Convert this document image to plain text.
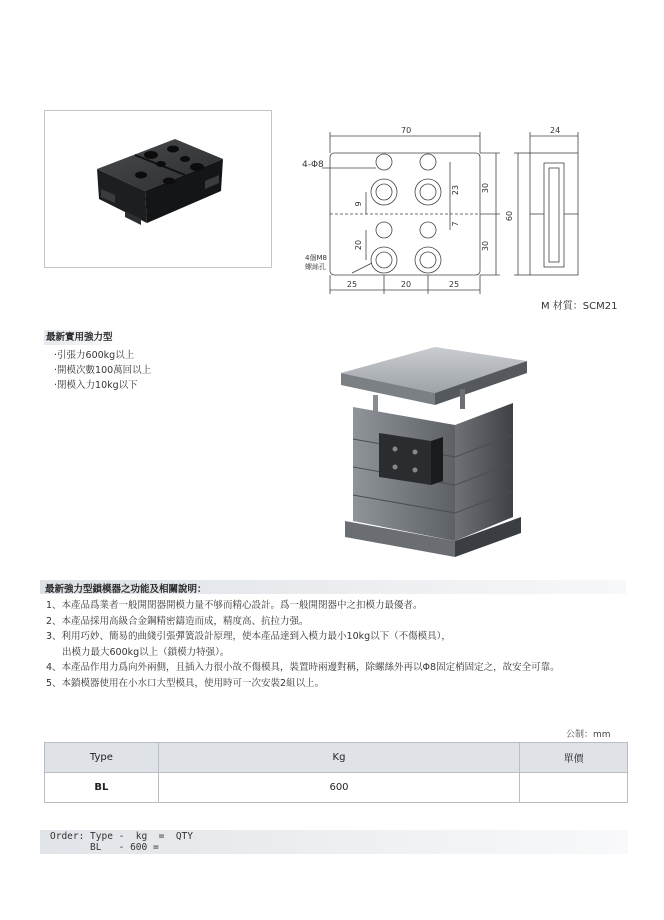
70	24
4-Φ8
4個M8
螺絲孔
30
30
60
23
9
7
20
25	20	25
M 材質：SCM21
最新實用強力型
·引張力600kg以上
·開模次數100萬回以上
·閉模入力10kg以下
最新強力型鎖模器之功能及相關說明：
1、本產品爲業者一般開閉器開模力量不够而精心設計。爲一般開閉器中之扣模力最優者。
2、本產品採用高級合金鋼精密鑄造而成，精度高、抗拉力强。
3、利用巧妙、簡易的曲綫引張彈簧設計原理，使本產品達到入模力最小10kg以下（不傷模具），
出模力最大600kg以上（鎖模力特强）。
4、本產品作用力爲向外兩側，且插入力很小故不傷模具，裝置時兩邊對稱，除螺絲外再以Φ8固定梢固定之，故安全可靠。
5、本鎖模器使用在小水口大型模具，使用時可一次安裝2組以上。
公制：mm
Type	Kg	單價
BL	600	
Order: Type -  kg  =  QTY
BL   - 600 =
